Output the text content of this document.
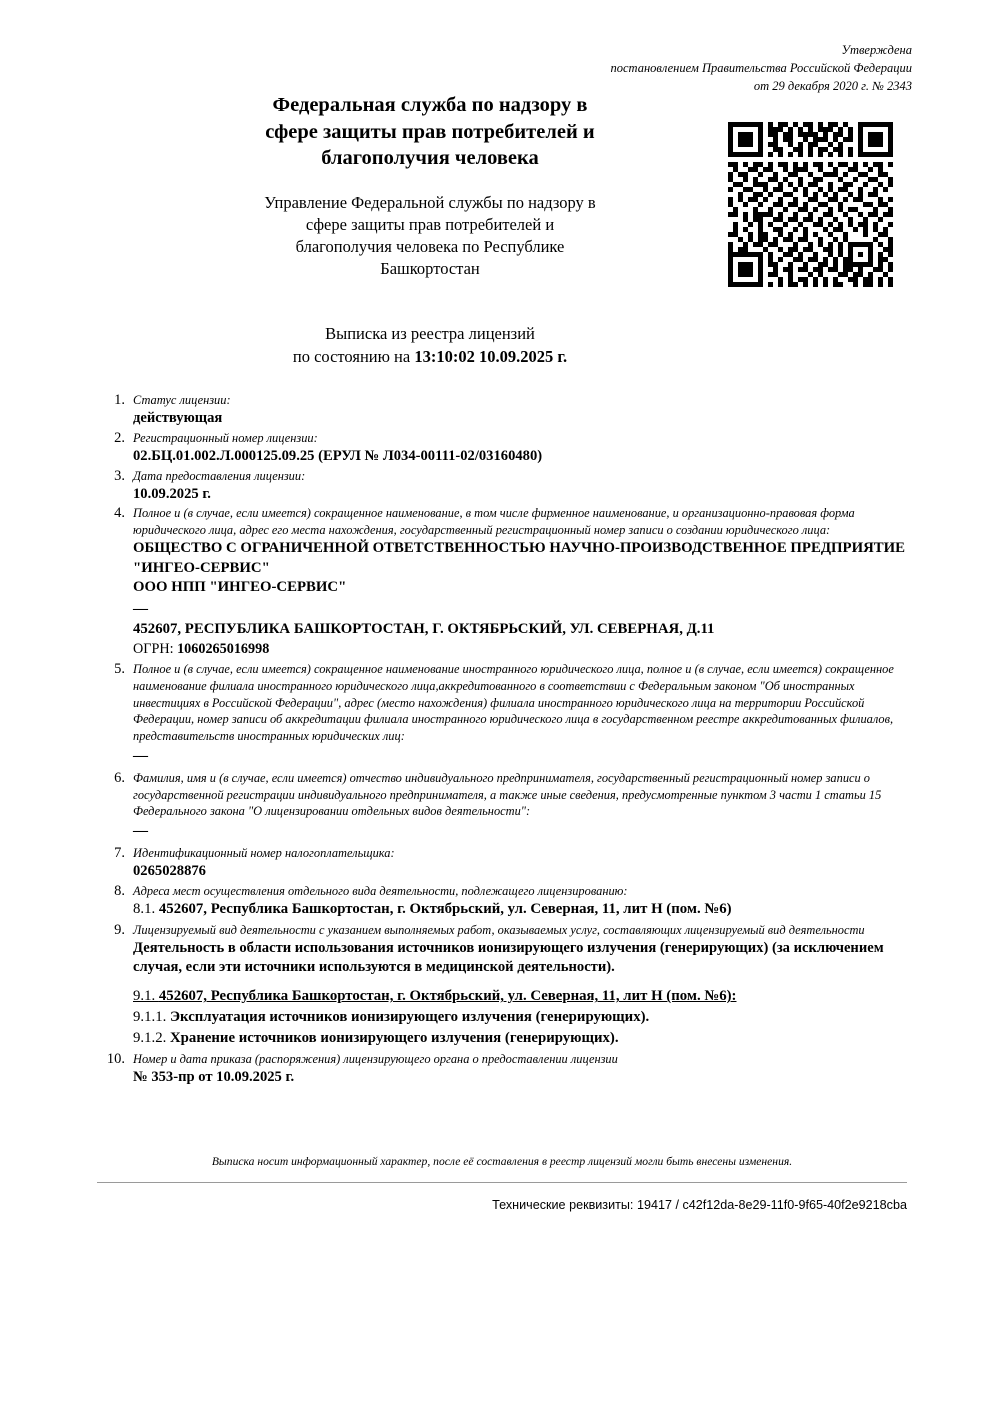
Утверждена
постановлением Правительства Российской Федерации
от 29 декабря 2020 г. № 2343
Федеральная служба по надзору в
сфере защиты прав потребителей и
благополучия человека
Управление Федеральной службы по надзору в
сфере защиты прав потребителей и
благополучия человека по Республике
Башкортостан
Выписка из реестра лицензий
по состоянию на 13:10:02 10.09.2025 г.
1. Статус лицензии:
действующая
2. Регистрационный номер лицензии:
02.БЦ.01.002.Л.000125.09.25 (ЕРУЛ № Л034-00111-02/03160480)
3. Дата предоставления лицензии:
10.09.2025 г.
4. Полное и (в случае, если имеется) сокращенное наименование, в том числе фирменное наименование, и организационно-правовая форма юридического лица, адрес его места нахождения, государственный регистрационный номер записи о создании юридического лица:
ОБЩЕСТВО С ОГРАНИЧЕННОЙ ОТВЕТСТВЕННОСТЬЮ НАУЧНО-ПРОИЗВОДСТВЕННОЕ ПРЕДПРИЯТИЕ "ИНГЕО-СЕРВИС"
ООО НПП "ИНГЕО-СЕРВИС"
—
452607, РЕСПУБЛИКА БАШКОРТОСТАН, Г. ОКТЯБРЬСКИЙ, УЛ. СЕВЕРНАЯ, Д.11
ОГРН: 1060265016998
5. Полное и (в случае, если имеется) сокращенное наименование иностранного юридического лица, полное и (в случае, если имеется) сокращенное наименование филиала иностранного юридического лица,аккредитованного в соответствии с Федеральным законом "Об иностранных инвестициях в Российской Федерации", адрес (место нахождения) филиала иностранного юридического лица на территории Российской Федерации, номер записи об аккредитации филиала иностранного юридического лица в государственном реестре аккредитованных филиалов, представительств иностранных юридических лиц:
—
6. Фамилия, имя и (в случае, если имеется) отчество индивидуального предпринимателя, государственный регистрационный номер записи о государственной регистрации индивидуального предпринимателя, а также иные сведения, предусмотренные пунктом 3 части 1 статьи 15 Федерального закона "О лицензировании отдельных видов деятельности":
—
7. Идентификационный номер налогоплательщика:
0265028876
8. Адреса мест осуществления отдельного вида деятельности, подлежащего лицензированию:
8.1. 452607, Республика Башкортостан, г. Октябрьский, ул. Северная, 11, лит Н (пом. №6)
9. Лицензируемый вид деятельности с указанием выполняемых работ, оказываемых услуг, составляющих лицензируемый вид деятельности
Деятельность в области использования источников ионизирующего излучения (генерирующих) (за исключением случая, если эти источники используются в медицинской деятельности).
9.1. 452607, Республика Башкортостан, г. Октябрьский, ул. Северная, 11, лит Н (пом. №6):
9.1.1. Эксплуатация источников ионизирующего излучения (генерирующих).
9.1.2. Хранение источников ионизирующего излучения (генерирующих).
10. Номер и дата приказа (распоряжения) лицензирующего органа о предоставлении лицензии
№ 353-пр от 10.09.2025 г.
Выписка носит информационный характер, после её составления в реестр лицензий могли быть внесены изменения.
Технические реквизиты: 19417 / c42f12da-8e29-11f0-9f65-40f2e9218cba
